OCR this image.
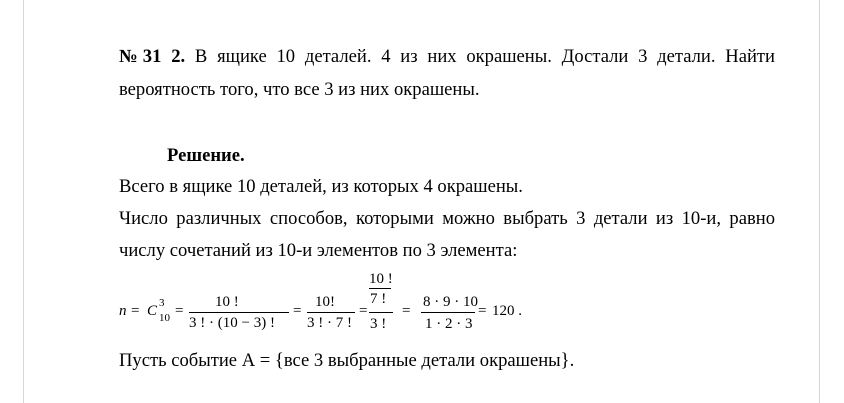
№31 2. В ящике 10 деталей. 4 из них окрашены. Достали 3 детали. Найти
вероятность того, что все 3 из них окрашены.
Решение.
Всего в ящике 10 деталей, из которых 4 окрашены.
Число различных способов, которыми можно выбрать 3 детали из 10-и, равно
числу сочетаний из 10-и элементов по 3 элемента:
n = C 3
10 =
10 !
3 ! · (10 − 3) !
=
10!
3 ! · 7 !
=
10 !
7 !
3 !
=
8 · 9 · 10
1 · 2 · 3
= 120 .
Пусть событие А = {все 3 выбранные детали окрашены}.
